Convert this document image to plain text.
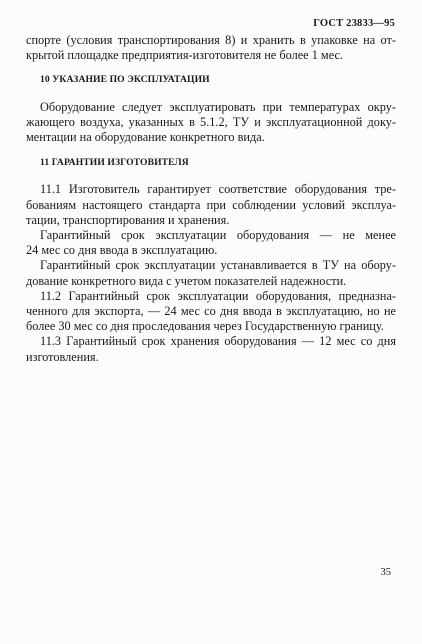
ГОСТ 23833—95
спорте (условия транспортирования 8) и хранить в упаковке на от-
крытой площадке предприятия-изготовителя не более 1 мес.
10 УКАЗАНИЕ ПО ЭКСПЛУАТАЦИИ
Оборудование следует эксплуатировать при температурах окру-
жающего воздуха, указанных в 5.1.2, ТУ и эксплуатационной доку-
ментации на оборудование конкретного вида.
11 ГАРАНТИИ ИЗГОТОВИТЕЛЯ
11.1 Изготовитель гарантирует соответствие оборудования тре-
бованиям настоящего стандарта при соблюдении условий эксплуа-
тации, транспортирования и хранения.
Гарантийный срок эксплуатации оборудования — не менее
24 мес со дня ввода в эксплуатацию.
Гарантийный срок эксплуатации устанавливается в ТУ на обору-
дование конкретного вида с учетом показателей надежности.
11.2 Гарантийный срок эксплуатации оборудования, предназна-
ченного для экспорта, — 24 мес со дня ввода в эксплуатацию, но не
более 30 мес со дня проследования через Государственную границу.
11.3 Гарантийный срок хранения оборудования — 12 мес со дня
изготовления.
35
